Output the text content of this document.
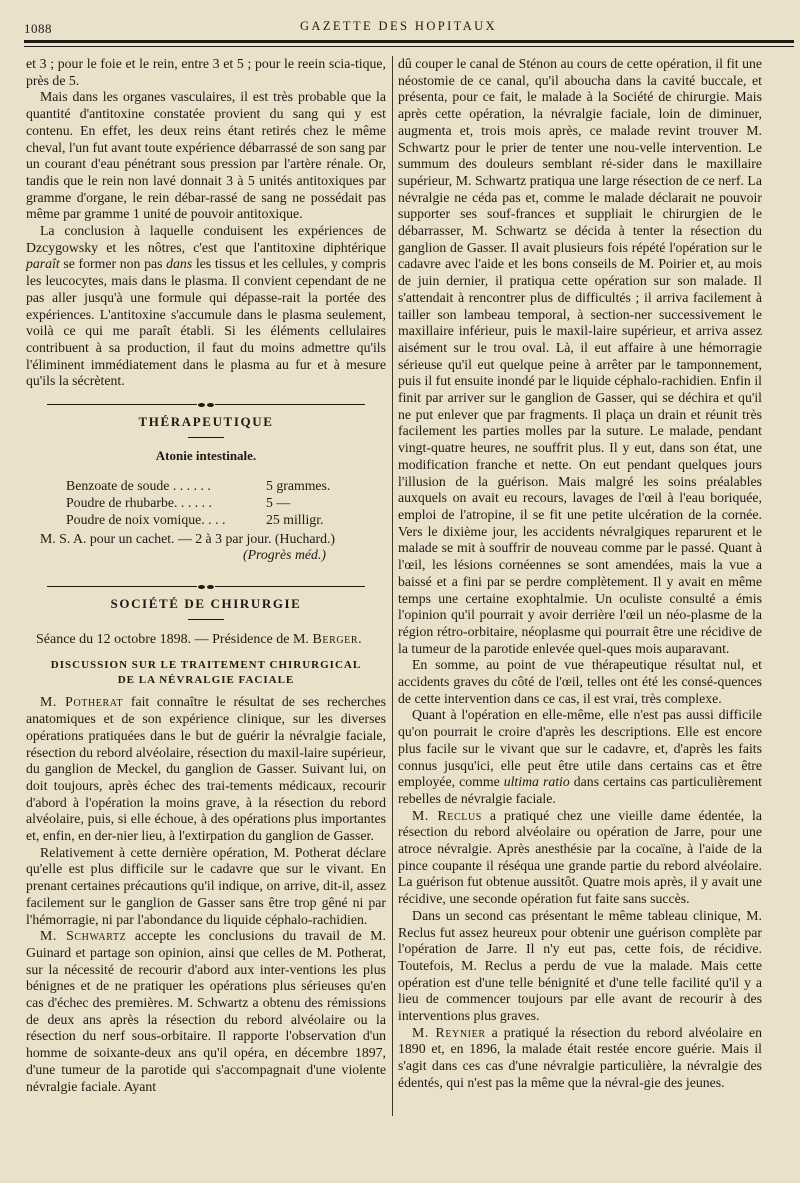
1088	GAZETTE DES HOPITAUX

et 3 ; pour le foie et le rein, entre 3 et 5 ; pour le reein scia-tique, près de 5.

Mais dans les organes vasculaires, il est très probable que la quantité d'antitoxine constatée provient du sang qui y est contenu. En effet, les deux reins étant retirés chez le même cheval, l'un fut avant toute expérience débarrassé de son sang par un courant d'eau pénétrant sous pression par l'artère rénale. Or, tandis que le rein non lavé donnait 3 à 5 unités antitoxiques par gramme d'organe, le rein débar-rassé de sang ne possédait pas même par gramme 1 unité de pouvoir antitoxique.

La conclusion à laquelle conduisent les expériences de Dzcygowsky et les nôtres, c'est que l'antitoxine diphtérique paraît se former non pas dans les tissus et les cellules, y compris les leucocytes, mais dans le plasma. Il convient cependant de ne pas aller jusqu'à une formule qui dépasse-rait la portée des expériences. L'antitoxine s'accumule dans le plasma seulement, voilà ce qui me paraît établi. Si les éléments cellulaires contribuent à sa production, il faut du moins admettre qu'ils l'éliminent immédiatement dans le plasma au fur et à mesure qu'ils la sécrètent.

THÉRAPEUTIQUE
Atonie intestinale.
Benzoate de soude . . . . . .	5 grammes.
Poudre de rhubarbe. . . . . .	5 —
Poudre de noix vomique. . . .	25 milligr.
M. S. A. pour un cachet. — 2 à 3 par jour. (Huchard.)
(Progrès méd.)
SOCIÉTÉ DE CHIRURGIE
Séance du 12 octobre 1898. — Présidence de M. Berger.
DISCUSSION SUR LE TRAITEMENT CHIRURGICAL
DE LA NÉVRALGIE FACIALE

M. Potherat fait connaître le résultat de ses recherches anatomiques et de son expérience clinique, sur les diverses opérations pratiquées dans le but de guérir la névralgie faciale, résection du rebord alvéolaire, résection du maxil-laire supérieur, du ganglion de Meckel, du ganglion de Gasser. Suivant lui, on doit toujours, après échec des trai-tements médicaux, recourir d'abord à l'opération la moins grave, à la résection du rebord alvéolaire, puis, si elle échoue, à des opérations plus importantes et, enfin, en der-nier lieu, à l'extirpation du ganglion de Gasser.

Relativement à cette dernière opération, M. Potherat déclare qu'elle est plus difficile sur le cadavre que sur le vivant. En prenant certaines précautions qu'il indique, on arrive, dit-il, assez facilement sur le ganglion de Gasser sans être trop gêné ni par l'hémorragie, ni par l'abondance du liquide céphalo-rachidien.

M. Schwartz accepte les conclusions du travail de M. Guinard et partage son opinion, ainsi que celles de M. Potherat, sur la nécessité de recourir d'abord aux inter-ventions les plus bénignes et de ne pratiquer les opérations plus sérieuses qu'en cas d'échec des premières. M. Schwartz a obtenu des rémissions de deux ans après la résection du rebord alvéolaire ou la résection du nerf sous-orbitaire. Il rapporte l'observation d'un homme de soixante-deux ans qu'il opéra, en décembre 1897, d'une tumeur de la parotide qui s'accompagnait d'une violente névralgie faciale. Ayant

dû couper le canal de Sténon au cours de cette opération, il fit une néostomie de ce canal, qu'il aboucha dans la cavité buccale, et présenta, pour ce fait, le malade à la Société de chirurgie. Mais après cette opération, la névralgie faciale, loin de diminuer, augmenta et, trois mois après, ce malade revint trouver M. Schwartz pour le prier de tenter une nou-velle intervention. Le summum des douleurs semblant ré-sider dans le maxillaire supérieur, M. Schwartz pratiqua une large résection de ce nerf. La névralgie ne céda pas et, comme le malade déclarait ne pouvoir supporter ses souf-frances et suppliait le chirurgien de le débarrasser, M. Schwartz se décida à tenter la résection du ganglion de Gasser. Il avait plusieurs fois répété l'opération sur le cadavre avec l'aide et les bons conseils de M. Poirier et, au mois de juin dernier, il pratiqua cette opération sur son malade. Il s'attendait à rencontrer plus de difficultés ; il arriva facilement à tailler son lambeau temporal, à section-ner successivement le maxillaire inférieur, puis le maxil-laire supérieur, et arriva assez aisément sur le trou oval. Là, il eut affaire à une hémorragie sérieuse qu'il eut quelque peine à arrêter par le tamponnement, puis il fut ensuite inondé par le liquide céphalo-rachidien. Enfin il finit par arriver sur le ganglion de Gasser, qui se déchira et qu'il ne put enlever que par fragments. Il plaça un drain et réunit très facilement les parties molles par la suture. Le malade, pendant vingt-quatre heures, ne souffrit plus. Il y eut, dans son état, une modification franche et nette. On eut pendant quelques jours l'illusion de la guérison. Mais malgré les soins préalables auxquels on avait eu recours, lavages de l'œil à l'eau boriquée, emploi de l'atropine, il se fit une petite ulcération de la cornée. Vers le dixième jour, les accidents névralgiques reparurent et le malade se mit à souffrir de nouveau comme par le passé. Quant à l'œil, les lésions cornéennes se sont amendées, mais la vue a baissé et a fini par se perdre complètement. Il y avait en même temps une certaine exophtalmie. Un oculiste consulté a émis l'opinion qu'il pourrait y avoir derrière l'œil un néo-plasme de la région rétro-orbitaire, néoplasme qui pourrait être une récidive de la tumeur de la parotide enlevée quel-ques mois auparavant.

En somme, au point de vue thérapeutique résultat nul, et accidents graves du côté de l'œil, telles ont été les consé-quences de cette intervention dans ce cas, il est vrai, très complexe.

Quant à l'opération en elle-même, elle n'est pas aussi difficile qu'on pourrait le croire d'après les descriptions. Elle est encore plus facile sur le vivant que sur le cadavre, et, d'après les faits connus jusqu'ici, elle peut être utile dans certains cas et être employée, comme ultima ratio dans certains cas particulièrement rebelles de névralgie faciale.

M. Reclus a pratiqué chez une vieille dame édentée, la résection du rebord alvéolaire ou opération de Jarre, pour une atroce névralgie. Après anesthésie par la cocaïne, à l'aide de la pince coupante il réséqua une grande partie du rebord alvéolaire. La guérison fut obtenue aussitôt. Quatre mois après, il y avait une récidive, une seconde opération fut faite sans succès.

Dans un second cas présentant le même tableau clinique, M. Reclus fut assez heureux pour obtenir une guérison complète par l'opération de Jarre. Il n'y eut pas, cette fois, de récidive. Toutefois, M. Reclus a perdu de vue la malade. Mais cette opération est d'une telle bénignité et d'une telle facilité qu'il y a lieu de commencer toujours par elle avant de recourir à des interventions plus graves.

M. Reynier a pratiqué la résection du rebord alvéolaire en 1890 et, en 1896, la malade était restée encore guérie. Mais il s'agit dans ces cas d'une névralgie particulière, la névralgie des édentés, qui n'est pas la même que la névral-gie des jeunes.
